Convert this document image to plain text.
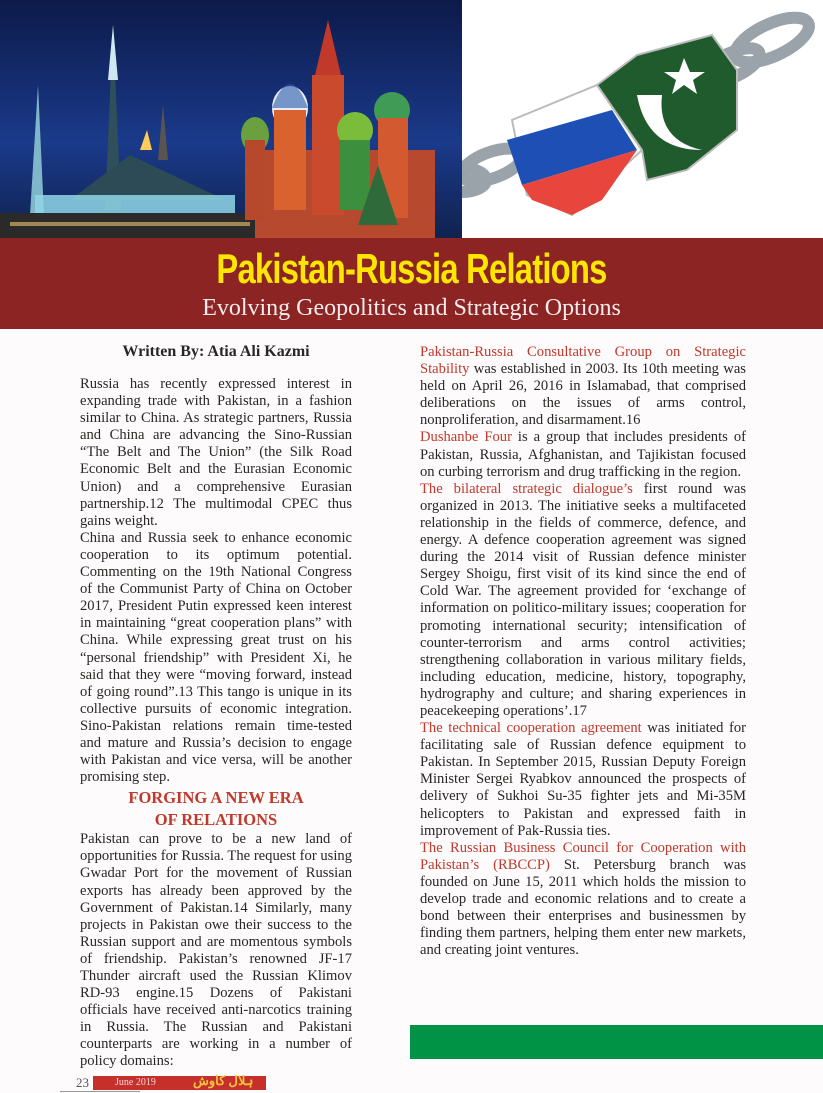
Pakistan-Russia Relations
Evolving Geopolitics and Strategic Options
Written By: Atia Ali Kazmi

Russia has recently expressed interest in expanding trade with Pakistan, in a fashion similar to China. As strategic partners, Russia and China are advancing the Sino-Russian “The Belt and The Union” (the Silk Road Economic Belt and the Eurasian Economic Union) and a comprehensive Eurasian partnership.12 The multimodal CPEC thus gains weight.

China and Russia seek to enhance economic cooperation to its optimum potential. Commenting on the 19th National Congress of the Communist Party of China on October 2017, President Putin expressed keen interest in maintaining “great cooperation plans” with China. While expressing great trust on his “personal friendship” with President Xi, he said that they were “moving forward, instead of going round”.13 This tango is unique in its collective pursuits of economic integration. Sino-Pakistan relations remain time-tested and mature and Russia’s decision to engage with Pakistan and vice versa, will be another promising step.

FORGING A NEW ERA
OF RELATIONS

Pakistan can prove to be a new land of opportunities for Russia. The request for using Gwadar Port for the movement of Russian exports has already been approved by the Government of Pakistan.14 Similarly, many projects in Pakistan owe their success to the Russian support and are momentous symbols of friendship. Pakistan’s renowned JF-17 Thunder aircraft used the Russian Klimov RD-93 engine.15 Dozens of Pakistani officials have received anti-narcotics training in Russia. The Russian and Pakistani counterparts are working in a number of policy domains:

Pakistan-Russia Consultative Group on Strategic Stability was established in 2003. Its 10th meeting was held on April 26, 2016 in Islamabad, that comprised deliberations on the issues of arms control, nonproliferation, and disarmament.16

Dushanbe Four is a group that includes presidents of Pakistan, Russia, Afghanistan, and Tajikistan focused on curbing terrorism and drug trafficking in the region.

The bilateral strategic dialogue’s first round was organized in 2013. The initiative seeks a multifaceted relationship in the fields of commerce, defence, and energy. A defence cooperation agreement was signed during the 2014 visit of Russian defence minister Sergey Shoigu, first visit of its kind since the end of Cold War. The agreement provided for ‘exchange of information on politico-military issues; cooperation for promoting international security; intensification of counter-terrorism and arms control activities; strengthening collaboration in various military fields, including education, medicine, history, topography, hydrography and culture; and sharing experiences in peacekeeping operations’.17

The technical cooperation agreement was initiated for facilitating sale of Russian defence equipment to Pakistan. In September 2015, Russian Deputy Foreign Minister Sergei Ryabkov announced the prospects of delivery of Sukhoi Su-35 fighter jets and Mi-35M helicopters to Pakistan and expressed faith in improvement of Pak-Russia ties.

The Russian Business Council for Cooperation with Pakistan’s (RBCCP) St. Petersburg branch was founded on June 15, 2011 which holds the mission to develop trade and economic relations and to create a bond between their enterprises and businessmen by finding them partners, helping them enter new markets, and creating joint ventures.

23	June 2019	ہلال کاوش
